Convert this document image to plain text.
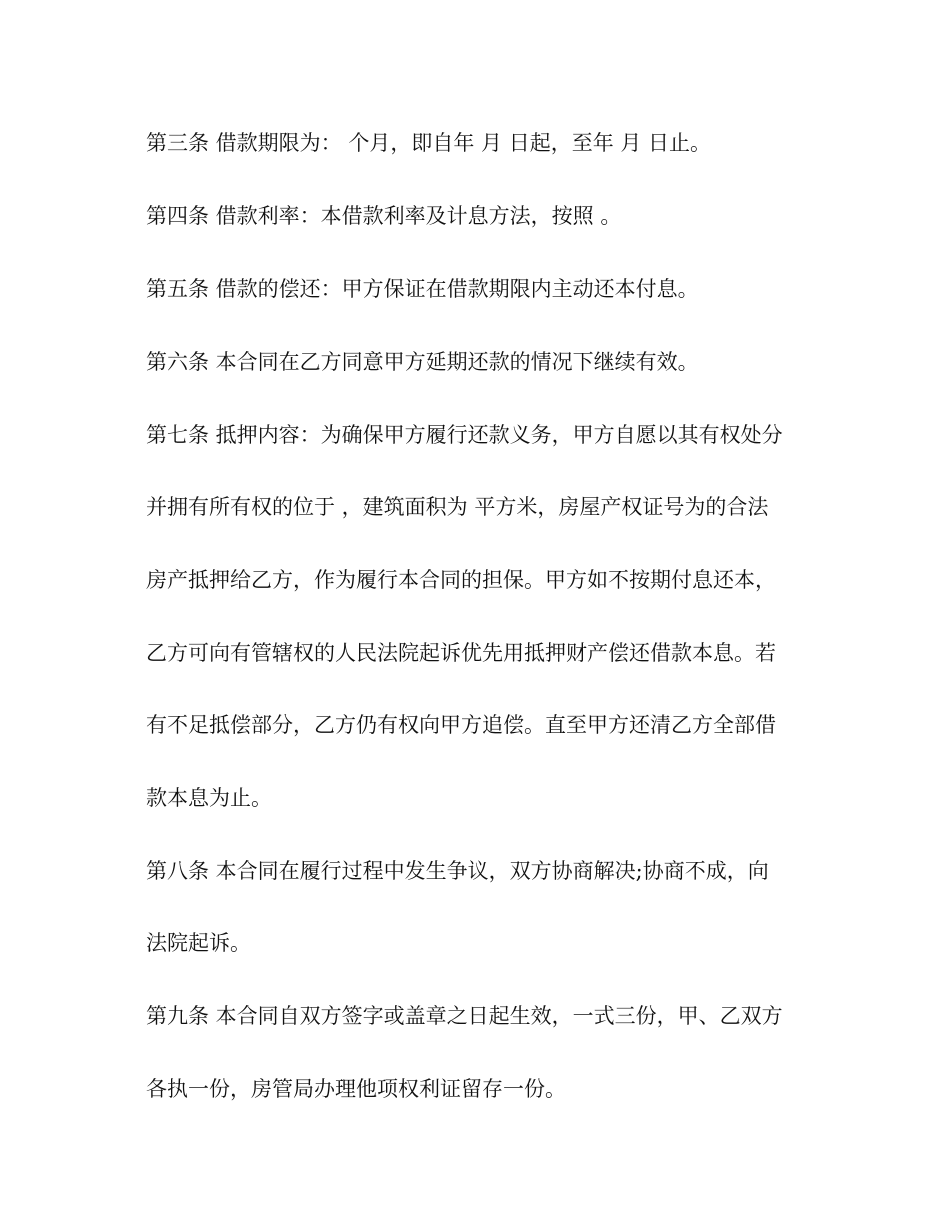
第三条 借款期限为： 个月，即自年 月 日起，至年 月 日止。
第四条 借款利率：本借款利率及计息方法，按照 。
第五条 借款的偿还：甲方保证在借款期限内主动还本付息。
第六条 本合同在乙方同意甲方延期还款的情况下继续有效。
第七条 抵押内容：为确保甲方履行还款义务，甲方自愿以其有权处分
并拥有所有权的位于 ，建筑面积为 平方米，房屋产权证号为的合法
房产抵押给乙方，作为履行本合同的担保。甲方如不按期付息还本，
乙方可向有管辖权的人民法院起诉优先用抵押财产偿还借款本息。若
有不足抵偿部分，乙方仍有权向甲方追偿。直至甲方还清乙方全部借
款本息为止。
第八条 本合同在履行过程中发生争议，双方协商解决;协商不成，向
法院起诉。
第九条 本合同自双方签字或盖章之日起生效，一式三份，甲、乙双方
各执一份，房管局办理他项权利证留存一份。
